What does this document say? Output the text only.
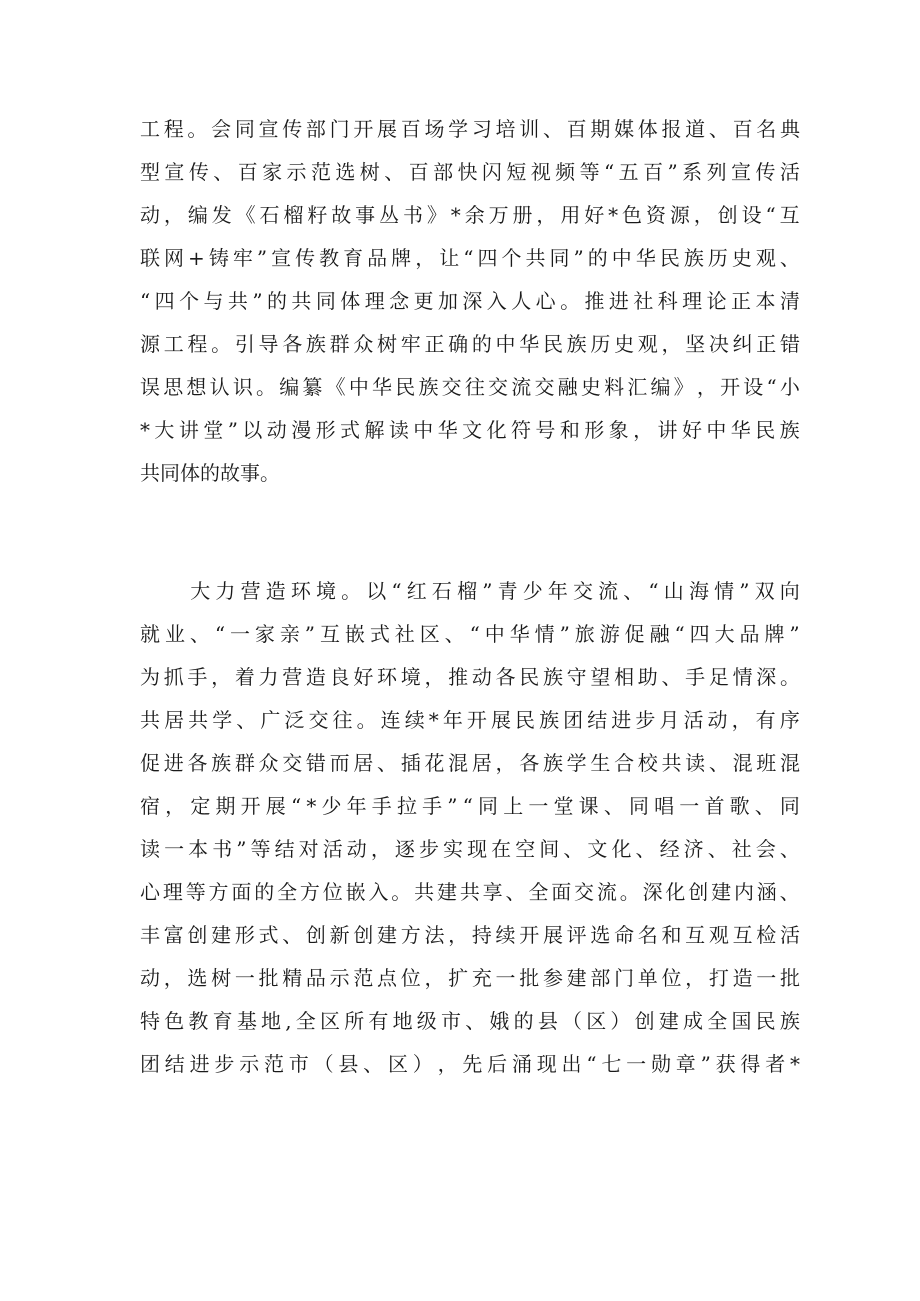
工 程 。 会 同 宣 传 部 门 开 展 百 场 学 习 培 训 、 百 期 媒 体 报 道 、 百 名 典
型 宣 传 、 百 家 示 范 选 树 、 百 部 快 闪 短 视 频 等 “ 五 百 ” 系 列 宣 传 活
动 ， 编 发 《 石 榴 籽 故 事 丛 书 》 * 余 万 册 ， 用 好 * 色 资 源 ， 创 设 “ 互
联 网 + 铸 牢 ” 宣 传 教 育 品 牌 ， 让 “ 四 个 共 同 ” 的 中 华 民 族 历 史 观 、
“ 四 个 与 共 ” 的 共 同 体 理 念 更 加 深 入 人 心 。 推 进 社 科 理 论 正 本 清
源 工 程 。 引 导 各 族 群 众 树 牢 正 确 的 中 华 民 族 历 史 观 ， 坚 决 纠 正 错
误 思 想 认 识 。 编 纂 《 中 华 民 族 交 往 交 流 交 融 史 料 汇 编 》 ， 开 设 “ 小
* 大 讲 堂 ” 以 动 漫 形 式 解 读 中 华 文 化 符 号 和 形 象 ， 讲 好 中 华 民 族
共 同 体 的 故 事 。

大 力 营 造 环 境 。 以 “ 红 石 榴 ” 青 少 年 交 流 、 “ 山 海 情 ” 双 向
就 业 、 “ 一 家 亲 ” 互 嵌 式 社 区 、 “ 中 华 情 ” 旅 游 促 融 “ 四 大 品 牌 ”
为 抓 手 ， 着 力 营 造 良 好 环 境 ， 推 动 各 民 族 守 望 相 助 、 手 足 情 深 。
共 居 共 学 、 广 泛 交 往 。 连 续 * 年 开 展 民 族 团 结 进 步 月 活 动 ， 有 序
促 进 各 族 群 众 交 错 而 居 、 插 花 混 居 ， 各 族 学 生 合 校 共 读 、 混 班 混
宿 ， 定 期 开 展 “ * 少 年 手 拉 手 ” “ 同 上 一 堂 课 、 同 唱 一 首 歌 、 同
读 一 本 书 ” 等 结 对 活 动 ， 逐 步 实 现 在 空 间 、 文 化 、 经 济 、 社 会 、
心 理 等 方 面 的 全 方 位 嵌 入 。 共 建 共 享 、 全 面 交 流 。 深 化 创 建 内 涵 、
丰 富 创 建 形 式 、 创 新 创 建 方 法 ， 持 续 开 展 评 选 命 名 和 互 观 互 检 活
动 ， 选 树 一 批 精 品 示 范 点 位 ， 扩 充 一 批 参 建 部 门 单 位 ， 打 造 一 批
特 色 教 育 基 地 , 全 区 所 有 地 级 市 、 娥 的 县 （ 区 ） 创 建 成 全 国 民 族
团 结 进 步 示 范 市 （ 县 、 区 ） ， 先 后 涌 现 出 “ 七 一 勋 章 ” 获 得 者 *
